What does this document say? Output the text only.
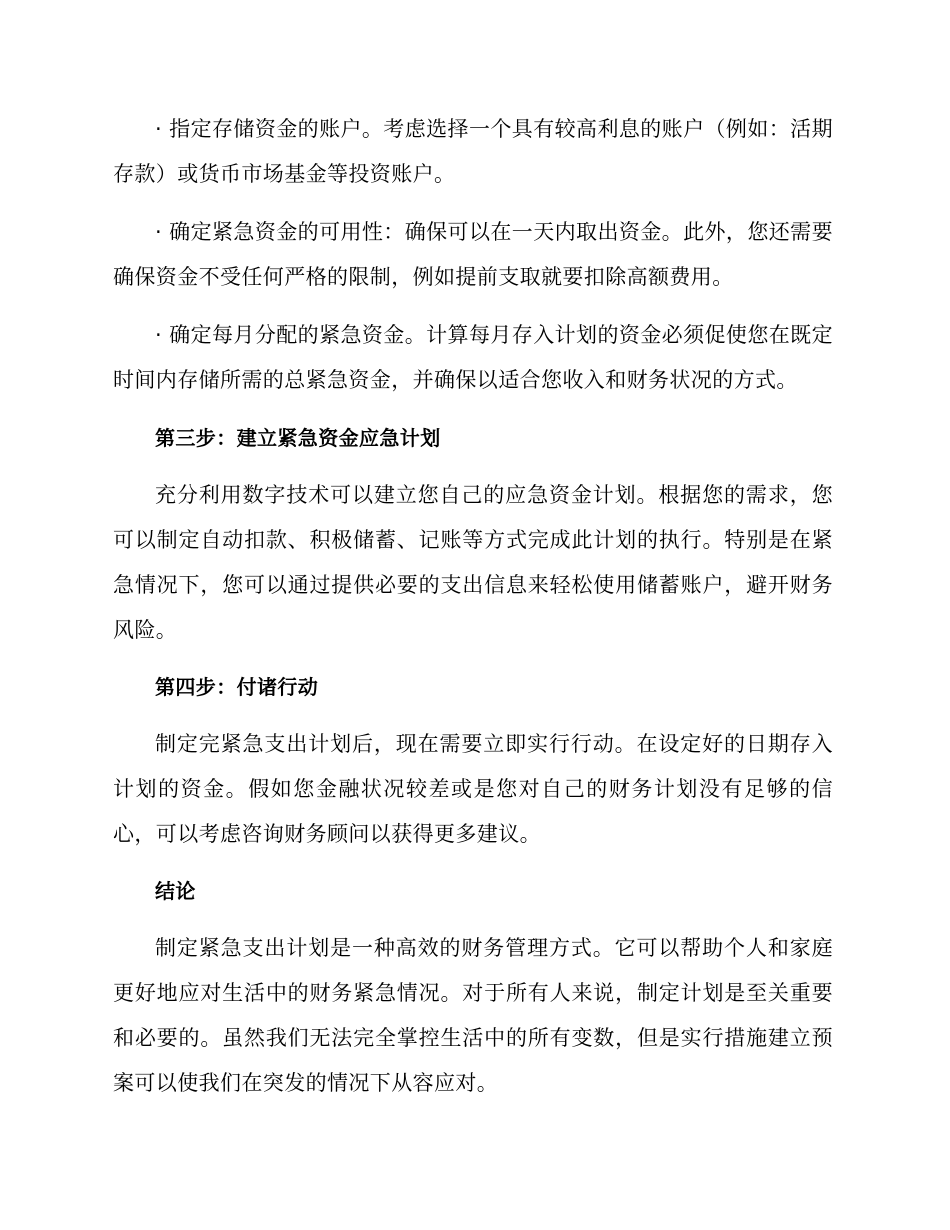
· 指定存储资金的账户。考虑选择一个具有较高利息的账户（例如：活期存款）或货币市场基金等投资账户。

· 确定紧急资金的可用性：确保可以在一天内取出资金。此外，您还需要确保资金不受任何严格的限制，例如提前支取就要扣除高额费用。

· 确定每月分配的紧急资金。计算每月存入计划的资金必须促使您在既定时间内存储所需的总紧急资金，并确保以适合您收入和财务状况的方式。

第三步：建立紧急资金应急计划

充分利用数字技术可以建立您自己的应急资金计划。根据您的需求，您可以制定自动扣款、积极储蓄、记账等方式完成此计划的执行。特别是在紧急情况下，您可以通过提供必要的支出信息来轻松使用储蓄账户，避开财务风险。

第四步：付诸行动

制定完紧急支出计划后，现在需要立即实行行动。在设定好的日期存入计划的资金。假如您金融状况较差或是您对自己的财务计划没有足够的信心，可以考虑咨询财务顾问以获得更多建议。

结论

制定紧急支出计划是一种高效的财务管理方式。它可以帮助个人和家庭更好地应对生活中的财务紧急情况。对于所有人来说，制定计划是至关重要和必要的。虽然我们无法完全掌控生活中的所有变数，但是实行措施建立预案可以使我们在突发的情况下从容应对。
